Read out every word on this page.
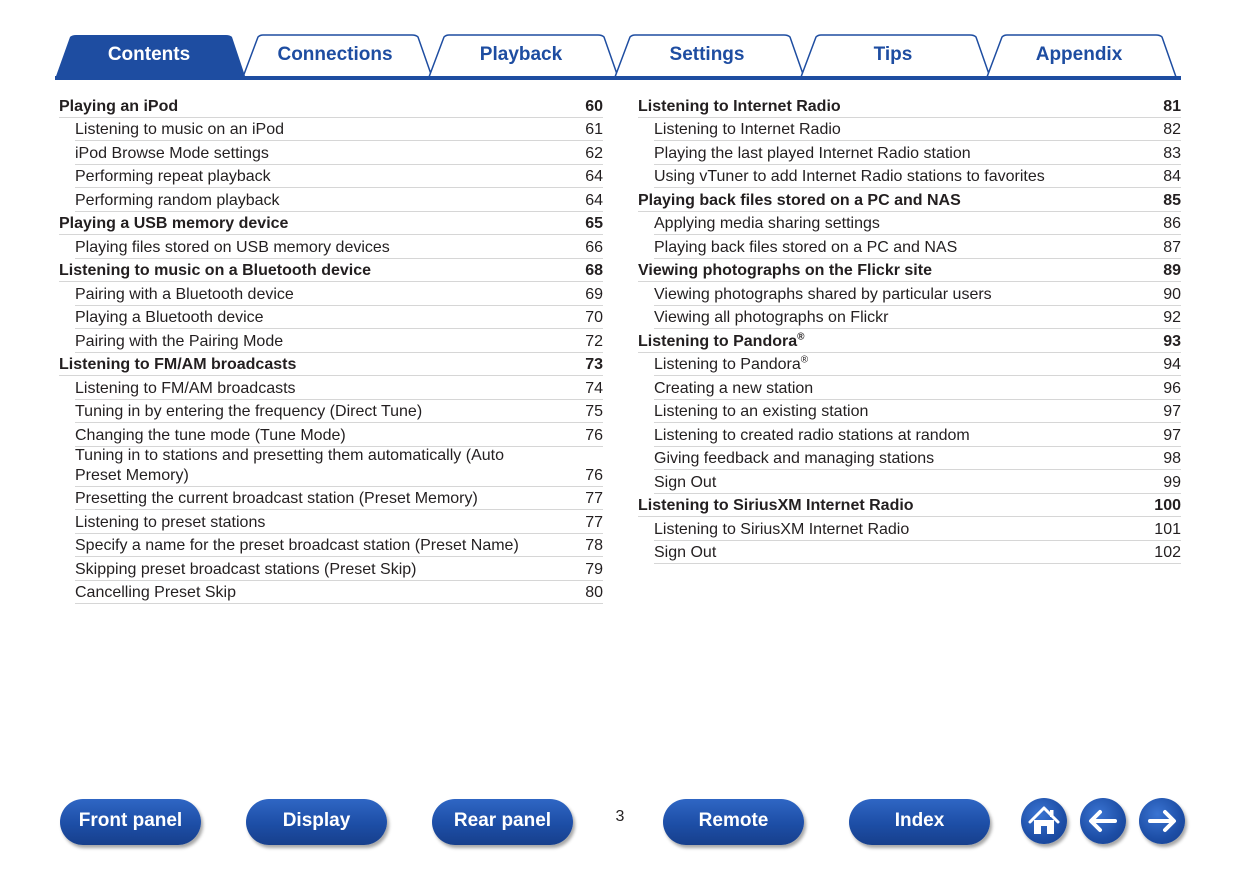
Contents	Connections	Playback	Settings	Tips	Appendix
Playing an iPod	60
Listening to music on an iPod	61
iPod Browse Mode settings	62
Performing repeat playback	64
Performing random playback	64
Playing a USB memory device	65
Playing files stored on USB memory devices	66
Listening to music on a Bluetooth device	68
Pairing with a Bluetooth device	69
Playing a Bluetooth device	70
Pairing with the Pairing Mode	72
Listening to FM/AM broadcasts	73
Listening to FM/AM broadcasts	74
Tuning in by entering the frequency (Direct Tune)	75
Changing the tune mode (Tune Mode)	76
Tuning in to stations and presetting them automatically (Auto Preset Memory)	76
Presetting the current broadcast station (Preset Memory)	77
Listening to preset stations	77
Specify a name for the preset broadcast station (Preset Name)	78
Skipping preset broadcast stations (Preset Skip)	79
Cancelling Preset Skip	80
Listening to Internet Radio	81
Listening to Internet Radio	82
Playing the last played Internet Radio station	83
Using vTuner to add Internet Radio stations to favorites	84
Playing back files stored on a PC and NAS	85
Applying media sharing settings	86
Playing back files stored on a PC and NAS	87
Viewing photographs on the Flickr site	89
Viewing photographs shared by particular users	90
Viewing all photographs on Flickr	92
Listening to Pandora®	93
Listening to Pandora®	94
Creating a new station	96
Listening to an existing station	97
Listening to created radio stations at random	97
Giving feedback and managing stations	98
Sign Out	99
Listening to SiriusXM Internet Radio	100
Listening to SiriusXM Internet Radio	101
Sign Out	102
Front panel	Display	Rear panel	3	Remote	Index
